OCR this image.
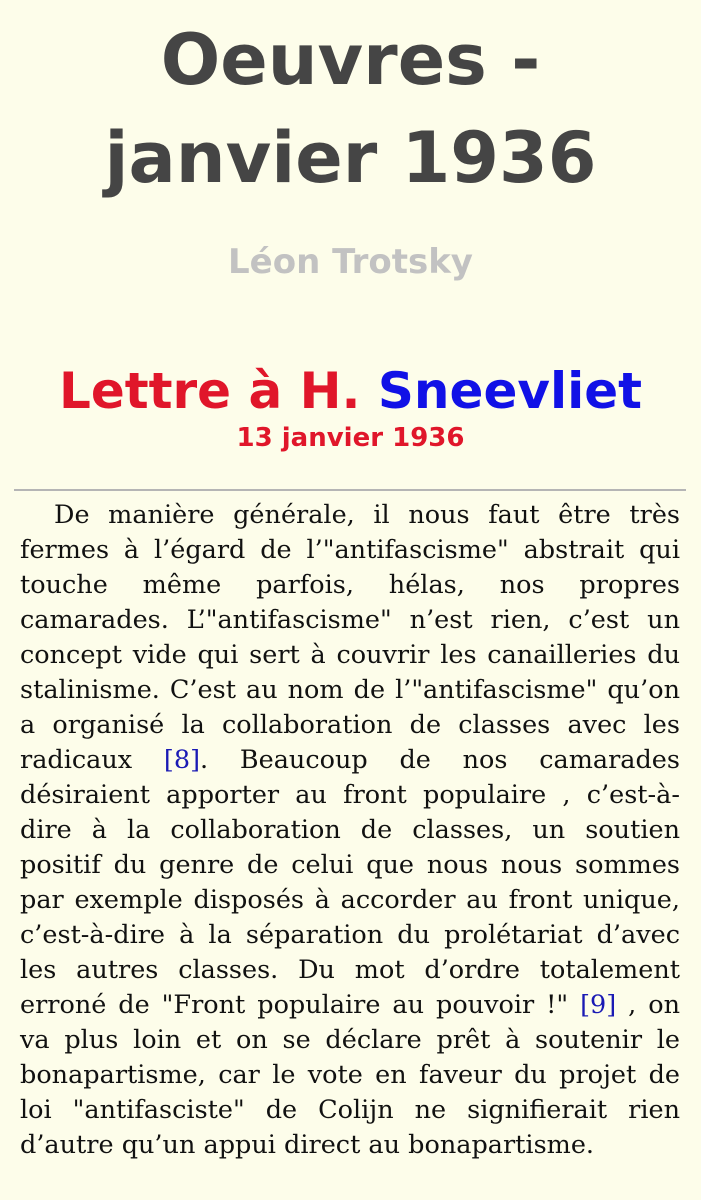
Oeuvres -
janvier 1936
Léon Trotsky
Lettre à H. Sneevliet
13 janvier 1936

De manière générale, il nous faut être très fermes à l’égard de l’"antifascisme" abstrait qui touche même parfois, hélas, nos propres camarades. L’"antifascisme" n’est rien, c’est un concept vide qui sert à couvrir les canailleries du stalinisme. C’est au nom de l’"antifascisme" qu’on a organisé la collaboration de classes avec les radicaux [8]. Beaucoup de nos camarades désiraient apporter au front populaire , c’est-à-dire à la collaboration de classes, un soutien positif du genre de celui que nous nous sommes par exemple disposés à accorder au front unique, c’est-à-dire à la séparation du prolétariat d’avec les autres classes. Du mot d’ordre totalement erroné de "Front populaire au pouvoir !" [9] , on va plus loin et on se déclare prêt à soutenir le bonapartisme, car le vote en faveur du projet de loi "antifasciste" de Colijn ne signifierait rien d’autre qu’un appui direct au bonapartisme.
